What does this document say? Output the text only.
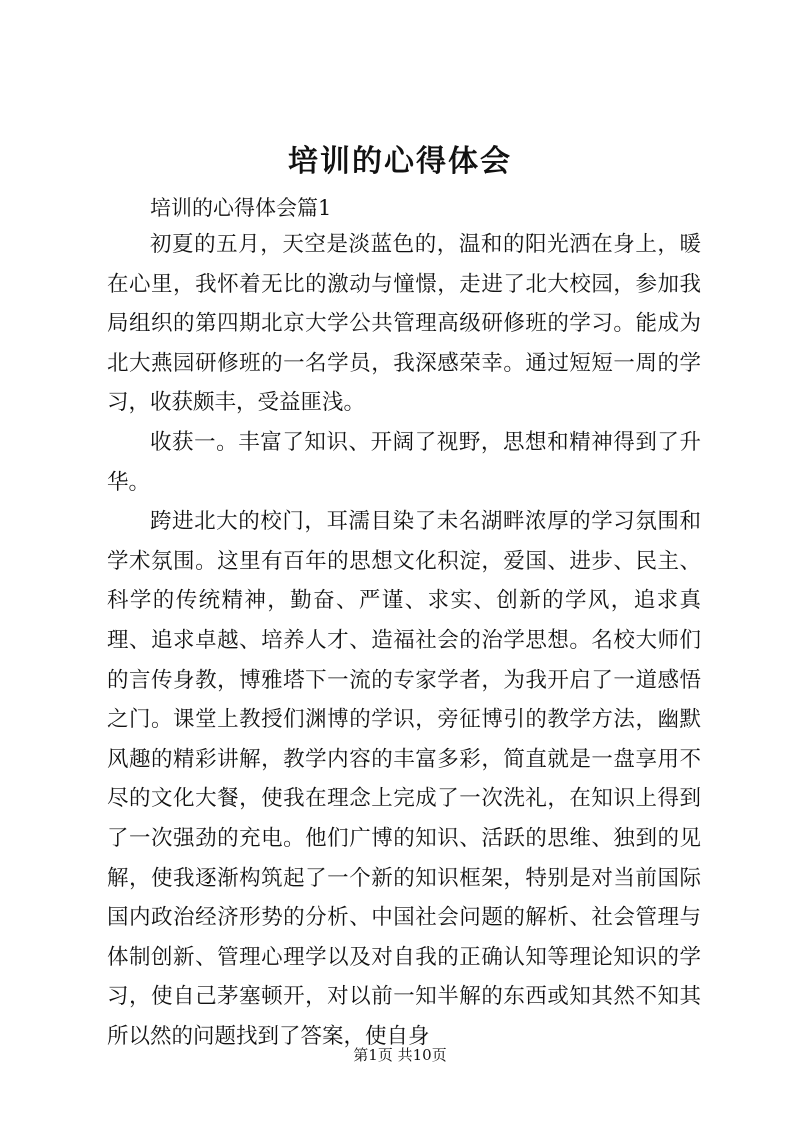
培训的心得体会
培训的心得体会篇1

初夏的五月，天空是淡蓝色的，温和的阳光洒在身上，暖在心里，我怀着无比的激动与憧憬，走进了北大校园，参加我局组织的第四期北京大学公共管理高级研修班的学习。能成为北大燕园研修班的一名学员，我深感荣幸。通过短短一周的学习，收获颇丰，受益匪浅。

收获一。丰富了知识、开阔了视野，思想和精神得到了升华。

跨进北大的校门，耳濡目染了未名湖畔浓厚的学习氛围和学术氛围。这里有百年的思想文化积淀，爱国、进步、民主、科学的传统精神，勤奋、严谨、求实、创新的学风，追求真理、追求卓越、培养人才、造福社会的治学思想。名校大师们的言传身教，博雅塔下一流的专家学者，为我开启了一道感悟之门。课堂上教授们渊博的学识，旁征博引的教学方法，幽默风趣的精彩讲解，教学内容的丰富多彩，简直就是一盘享用不尽的文化大餐，使我在理念上完成了一次洗礼，在知识上得到了一次强劲的充电。他们广博的知识、活跃的思维、独到的见解，使我逐渐构筑起了一个新的知识框架，特别是对当前国际国内政治经济形势的分析、中国社会问题的解析、社会管理与体制创新、管理心理学以及对自我的正确认知等理论知识的学习，使自己茅塞顿开，对以前一知半解的东西或知其然不知其所以然的问题找到了答案，使自身

第1页 共10页
